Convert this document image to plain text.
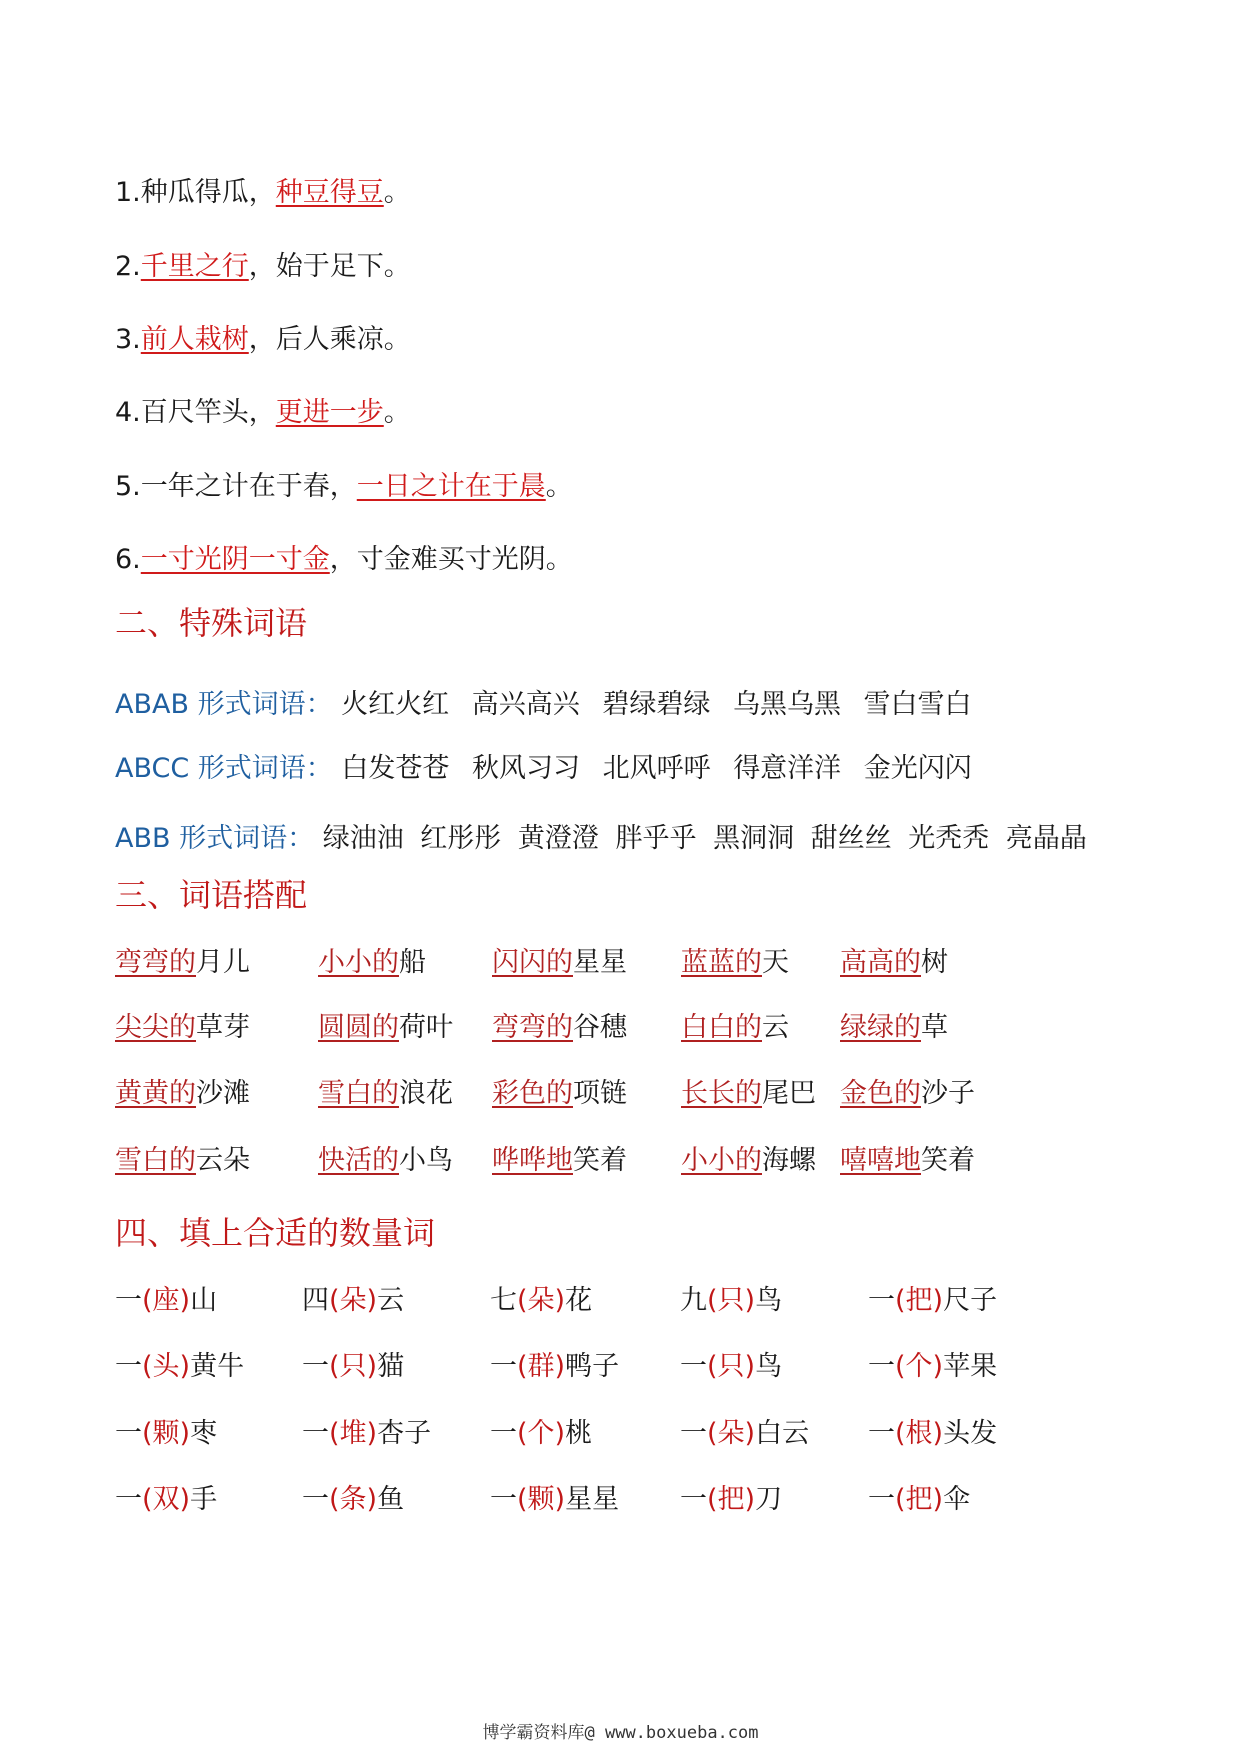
1.种瓜得瓜，种豆得豆。
2.千里之行，始于足下。
3.前人栽树，后人乘凉。
4.百尺竿头，更进一步。
5.一年之计在于春，一日之计在于晨。
6.一寸光阴一寸金，寸金难买寸光阴。
二、特殊词语
ABAB 形式词语： 火红火红 高兴高兴 碧绿碧绿 乌黑乌黑 雪白雪白
ABCC 形式词语： 白发苍苍 秋风习习 北风呼呼 得意洋洋 金光闪闪
ABB 形式词语： 绿油油 红彤彤 黄澄澄 胖乎乎 黑洞洞 甜丝丝 光秃秃 亮晶晶
三、词语搭配
弯弯的月儿	小小的船 闪闪的星星 蓝蓝的天 高高的树
尖尖的草芽	圆圆的荷叶 弯弯的谷穗 白白的云 绿绿的草
黄黄的沙滩	雪白的浪花 彩色的项链 长长的尾巴 金色的沙子
雪白的云朵	快活的小鸟 哗哗地笑着 小小的海螺 嘻嘻地笑着
四、填上合适的数量词
一(座)山	四(朵)云	七(朵)花	九(只)鸟	一(把)尺子
一(头)黄牛 一(只)猫	一(群)鸭子 一(只)鸟	一(个)苹果
一(颗)枣	一(堆)杏子 一(个)桃	一(朵)白云 一(根)头发
一(双)手	一(条)鱼	一(颗)星星 一(把)刀	一(把)伞
博学霸资料库@ www.boxueba.com
